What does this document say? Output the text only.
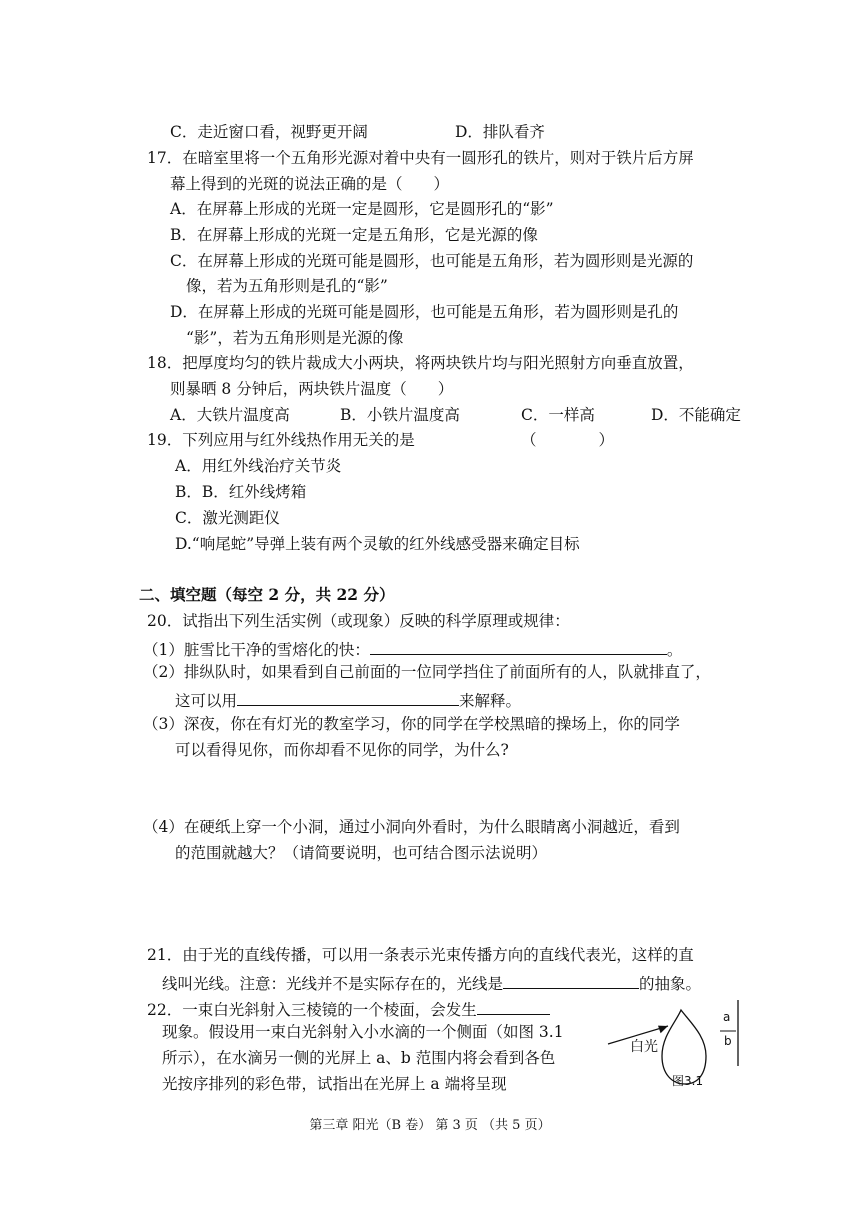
C．走近窗口看，视野更开阔	D．排队看齐
17．在暗室里将一个五角形光源对着中央有一圆形孔的铁片，则对于铁片后方屏
幕上得到的光斑的说法正确的是（　　）
A．在屏幕上形成的光斑一定是圆形，它是圆形孔的“影”
B．在屏幕上形成的光斑一定是五角形，它是光源的像
C．在屏幕上形成的光斑可能是圆形，也可能是五角形，若为圆形则是光源的
像，若为五角形则是孔的“影”
D．在屏幕上形成的光斑可能是圆形，也可能是五角形，若为圆形则是孔的
“影”，若为五角形则是光源的像
18．把厚度均匀的铁片裁成大小两块，将两块铁片均与阳光照射方向垂直放置，
则暴晒 8 分钟后，两块铁片温度（　　）
A．大铁片温度高	B．小铁片温度高	C．一样高	D．不能确定
19．下列应用与红外线热作用无关的是	（　　　　）
A．用红外线治疗关节炎
B．B．红外线烤箱
C．激光测距仪
D.“响尾蛇”导弹上装有两个灵敏的红外线感受器来确定目标
二、填空题（每空 2 分，共 22 分）
20．试指出下列生活实例（或现象）反映的科学原理或规律：
（1）脏雪比干净的雪熔化的快：	。
（2）排纵队时，如果看到自己前面的一位同学挡住了前面所有的人，队就排直了，
这可以用	来解释。
（3）深夜，你在有灯光的教室学习，你的同学在学校黑暗的操场上，你的同学
可以看得见你，而你却看不见你的同学，为什么?
（4）在硬纸上穿一个小洞，通过小洞向外看时，为什么眼睛离小洞越近，看到
的范围就越大？（请简要说明，也可结合图示法说明）
21．由于光的直线传播，可以用一条表示光束传播方向的直线代表光，这样的直
线叫光线。注意：光线并不是实际存在的，光线是	的抽象。
22．一束白光斜射入三棱镜的一个棱面，会发生
现象。假设用一束白光斜射入小水滴的一个侧面（如图 3.1
所示），在水滴另一侧的光屏上 a、b 范围内将会看到各色
光按序排列的彩色带，试指出在光屏上 a 端将呈现
白光
a
b
图3.1
第三章 阳光（B 卷） 第 3 页 （共 5 页）
